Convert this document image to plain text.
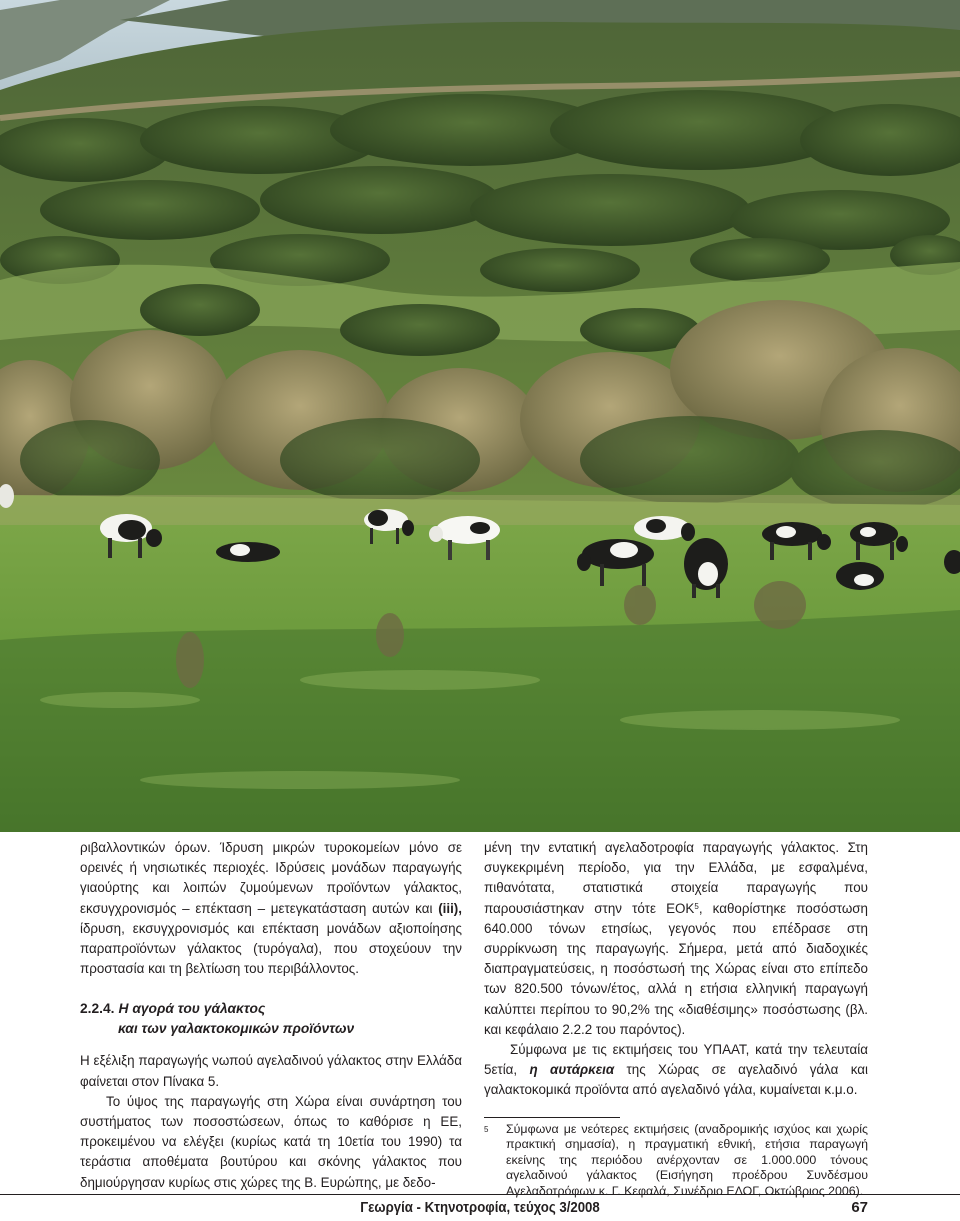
ριβαλλοντικών όρων. Ίδρυση μικρών τυροκομείων μόνο σε ορεινές ή νησιωτικές περιοχές. Ιδρύσεις μονάδων παραγωγής γιαούρτης και λοιπών ζυμούμενων προϊόντων γάλακτος, εκσυγχρονισμός – επέκταση – μετεγκατάσταση αυτών και (iii), ίδρυση, εκσυγχρονισμός και επέκταση μονάδων αξιοποίησης παραπροϊόντων γάλακτος (τυρόγαλα), που στοχεύουν την προστασία και τη βελτίωση του περιβάλλοντος.

2.2.4. Η αγορά του γάλακτος
και των γαλακτοκομικών προϊόντων

Η εξέλιξη παραγωγής νωπού αγελαδινού γάλακτος στην Ελλάδα φαίνεται στον Πίνακα 5.

Το ύψος της παραγωγής στη Χώρα είναι συνάρτηση του συστήματος των ποσοστώσεων, όπως το καθόρισε η ΕΕ, προκειμένου να ελέγξει (κυρίως κατά τη 10ετία του 1990) τα τεράστια αποθέματα βουτύρου και σκόνης γάλακτος που δημιούργησαν κυρίως στις χώρες της Β. Ευρώπης, με δεδο-

μένη την εντατική αγελαδοτροφία παραγωγής γάλακτος. Στη συγκεκριμένη περίοδο, για την Ελλάδα, με εσφαλμένα, πιθανότατα, στατιστικά στοιχεία παραγωγής που παρουσιάστηκαν στην τότε ΕΟΚ$^5$, καθορίστηκε ποσόστωση 640.000 τόνων ετησίως, γεγονός που επέδρασε στη συρρίκνωση της παραγωγής. Σήμερα, μετά από διαδοχικές διαπραγματεύσεις, η ποσόστωσή της Χώρας είναι στο επίπεδο των 820.500 τόνων/έτος, αλλά η ετήσια ελληνική παραγωγή καλύπτει περίπου το 90,2% της «διαθέσιμης» ποσόστωσης (βλ. και κεφάλαιο 2.2.2 του παρόντος).

Σύμφωνα με τις εκτιμήσεις του ΥΠΑΑΤ, κατά την τελευταία 5ετία, η αυτάρκεια της Χώρας σε αγελαδινό γάλα και γαλακτοκομικά προϊόντα από αγελαδινό γάλα, κυμαίνεται κ.μ.ο.

5	Σύμφωνα με νεότερες εκτιμήσεις (αναδρομικής ισχύος και χωρίς πρακτική σημασία), η πραγματική εθνική, ετήσια παραγωγή εκείνης της περιόδου ανέρχονταν σε 1.000.000 τόνους αγελαδινού γάλακτος (Εισήγηση προέδρου Συνδέσμου Αγελαδοτρόφων κ. Γ. Κεφαλά, Συνέδριο ΕΛΟΓ, Οκτώβριος 2006).
Γεωργία - Κτηνοτροφία, τεύχος 3/2008	67
